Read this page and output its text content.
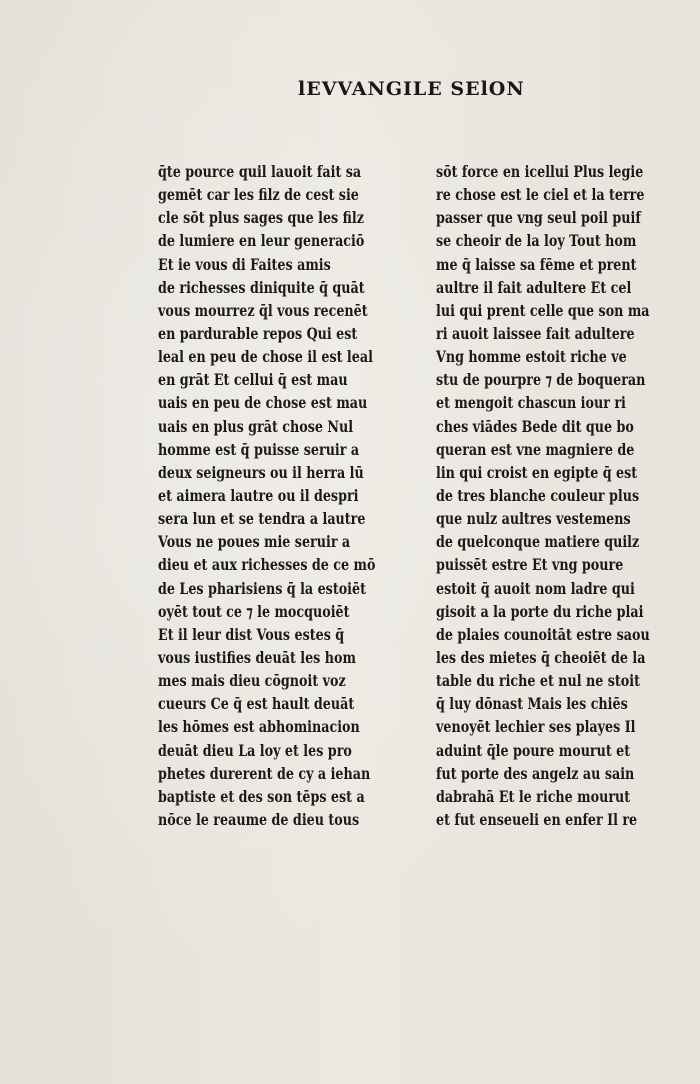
lEVVANGILE SElON
q̄te pource quil lauoit fait sa
gemēt car les filz de cest sie
cle sōt plus sages que les filz
de lumiere en leur generaciō
Et ie vous di Faites amis
de richesses diniquite q̄ quāt
vous mourrez q̄l vous recenēt
en pardurable repos Qui est
leal en peu de chose il est leal
en grāt Et cellui q̄ est mau
uais en peu de chose est mau
uais en plus grāt chose Nul
homme est q̄ puisse seruir a
deux seigneurs ou il herra lū
et aimera lautre ou il despri
sera lun et se tendra a lautre
Vous ne poues mie seruir a
dieu et aux richesses de ce mō
de Les pharisiens q̄ la estoiēt
oyēt tout ce ⁊ le mocquoiēt
Et il leur dist Vous estes q̄
vous iustifies deuāt les hom
mes mais dieu cōgnoit voz
cueurs Ce q̄ est hault deuāt
les hōmes est abhominacion
deuāt dieu La loy et les pro
phetes durerent de cy a iehan
baptiste et des son tēps est a
nōce le reaume de dieu tous
sōt force en icellui Plus legie
re chose est le ciel et la terre
passer que vng seul poil puif
se cheoir de la loy Tout hom
me q̄ laisse sa fēme et prent
aultre il fait adultere Et cel
lui qui prent celle que son ma
ri auoit laissee fait adultere
Vng homme estoit riche ve
stu de pourpre ⁊ de boqueran
et mengoit chascun iour ri
ches viādes Bede dit que bo
queran est vne magniere de
lin qui croist en egipte q̄ est
de tres blanche couleur plus
que nulz aultres vestemens
de quelconque matiere quilz
puissēt estre Et vng poure
estoit q̄ auoit nom ladre qui
gisoit a la porte du riche plai
de plaies counoitāt estre saou
les des mietes q̄ cheoiēt de la
table du riche et nul ne stoit
q̄ luy dōnast Mais les chiēs
venoyēt lechier ses playes Il
aduint q̄le poure mourut et
fut porte des angelz au sain
dabrahā Et le riche mourut
et fut enseueli en enfer Il re
